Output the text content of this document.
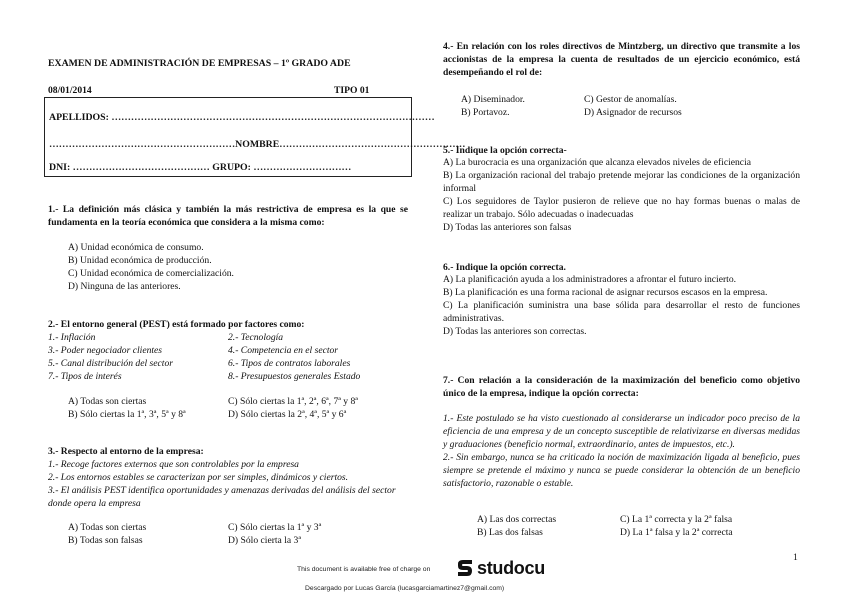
EXAMEN DE ADMINISTRACIÓN DE EMPRESAS – 1º GRADO ADE
08/01/2014	TIPO 01
APELLIDOS: ………………………………………………………………………………………
…………………………………………………NOMBRE…………………………………………………
DNI: …………………………………… GRUPO: …………………………
1.- La definición más clásica y también la más restrictiva de empresa es la que se fundamenta en la teoría económica que considera a la misma como:
A) Unidad económica de consumo.
B) Unidad económica de producción.
C) Unidad económica de comercialización.
D) Ninguna de las anteriores.
2.- El entorno general (PEST) está formado por factores como:
1.- Inflación
3.- Poder negociador clientes
5.- Canal distribución del sector
7.- Tipos de interés
2.- Tecnología
4.- Competencia en el sector
6.- Tipos de contratos laborales
8.- Presupuestos generales Estado
A) Todas son ciertas
B) Sólo ciertas la 1ª, 3ª, 5ª y 8ª
C) Sólo ciertas la 1ª, 2ª, 6ª, 7ª y 8ª
D) Sólo ciertas la 2ª, 4ª, 5ª y 6ª
3.- Respecto al entorno de la empresa:
1.- Recoge factores externos que son controlables por la empresa
2.- Los entornos estables se caracterizan por ser simples, dinámicos y ciertos.
3.- El análisis PEST identifica oportunidades y amenazas derivadas del análisis del sector donde opera la empresa
A) Todas son ciertas
B) Todas son falsas
C) Sólo ciertas la 1ª y 3ª
D) Sólo cierta la 3ª
4.- En relación con los roles directivos de Mintzberg, un directivo que transmite a los accionistas de la empresa la cuenta de resultados de un ejercicio económico, está desempeñando el rol de:
A) Diseminador.
B) Portavoz.
C) Gestor de anomalías.
D) Asignador de recursos
5.- Indique la opción correcta-
A) La burocracia es una organización que alcanza elevados niveles de eficiencia
B) La organización racional del trabajo pretende mejorar las condiciones de la organización informal
C) Los seguidores de Taylor pusieron de relieve que no hay formas buenas o malas de realizar un trabajo. Sólo adecuadas o inadecuadas
D) Todas las anteriores son falsas
6.- Indique la opción correcta.
A) La planificación ayuda a los administradores a afrontar el futuro incierto.
B) La planificación es una forma racional de asignar recursos escasos en la empresa.
C) La planificación suministra una base sólida para desarrollar el resto de funciones administrativas.
D) Todas las anteriores son correctas.
7.- Con relación a la consideración de la maximización del beneficio como objetivo único de la empresa, indique la opción correcta:
1.- Este postulado se ha visto cuestionado al considerarse un indicador poco preciso de la eficiencia de una empresa y de un concepto susceptible de relativizarse en diversas medidas y graduaciones (beneficio normal, extraordinario, antes de impuestos, etc.).
2.- Sin embargo, nunca se ha criticado la noción de maximización ligada al beneficio, pues siempre se pretende el máximo y nunca se puede considerar la obtención de un beneficio satisfactorio, razonable o estable.
A) Las dos correctas
B) Las dos falsas
C) La 1ª correcta y la 2ª falsa
D) La 1ª falsa y la 2ª correcta
1
This document is available free of charge on	studocu
Descargado por Lucas García (lucasgarciamartinez7@gmail.com)
